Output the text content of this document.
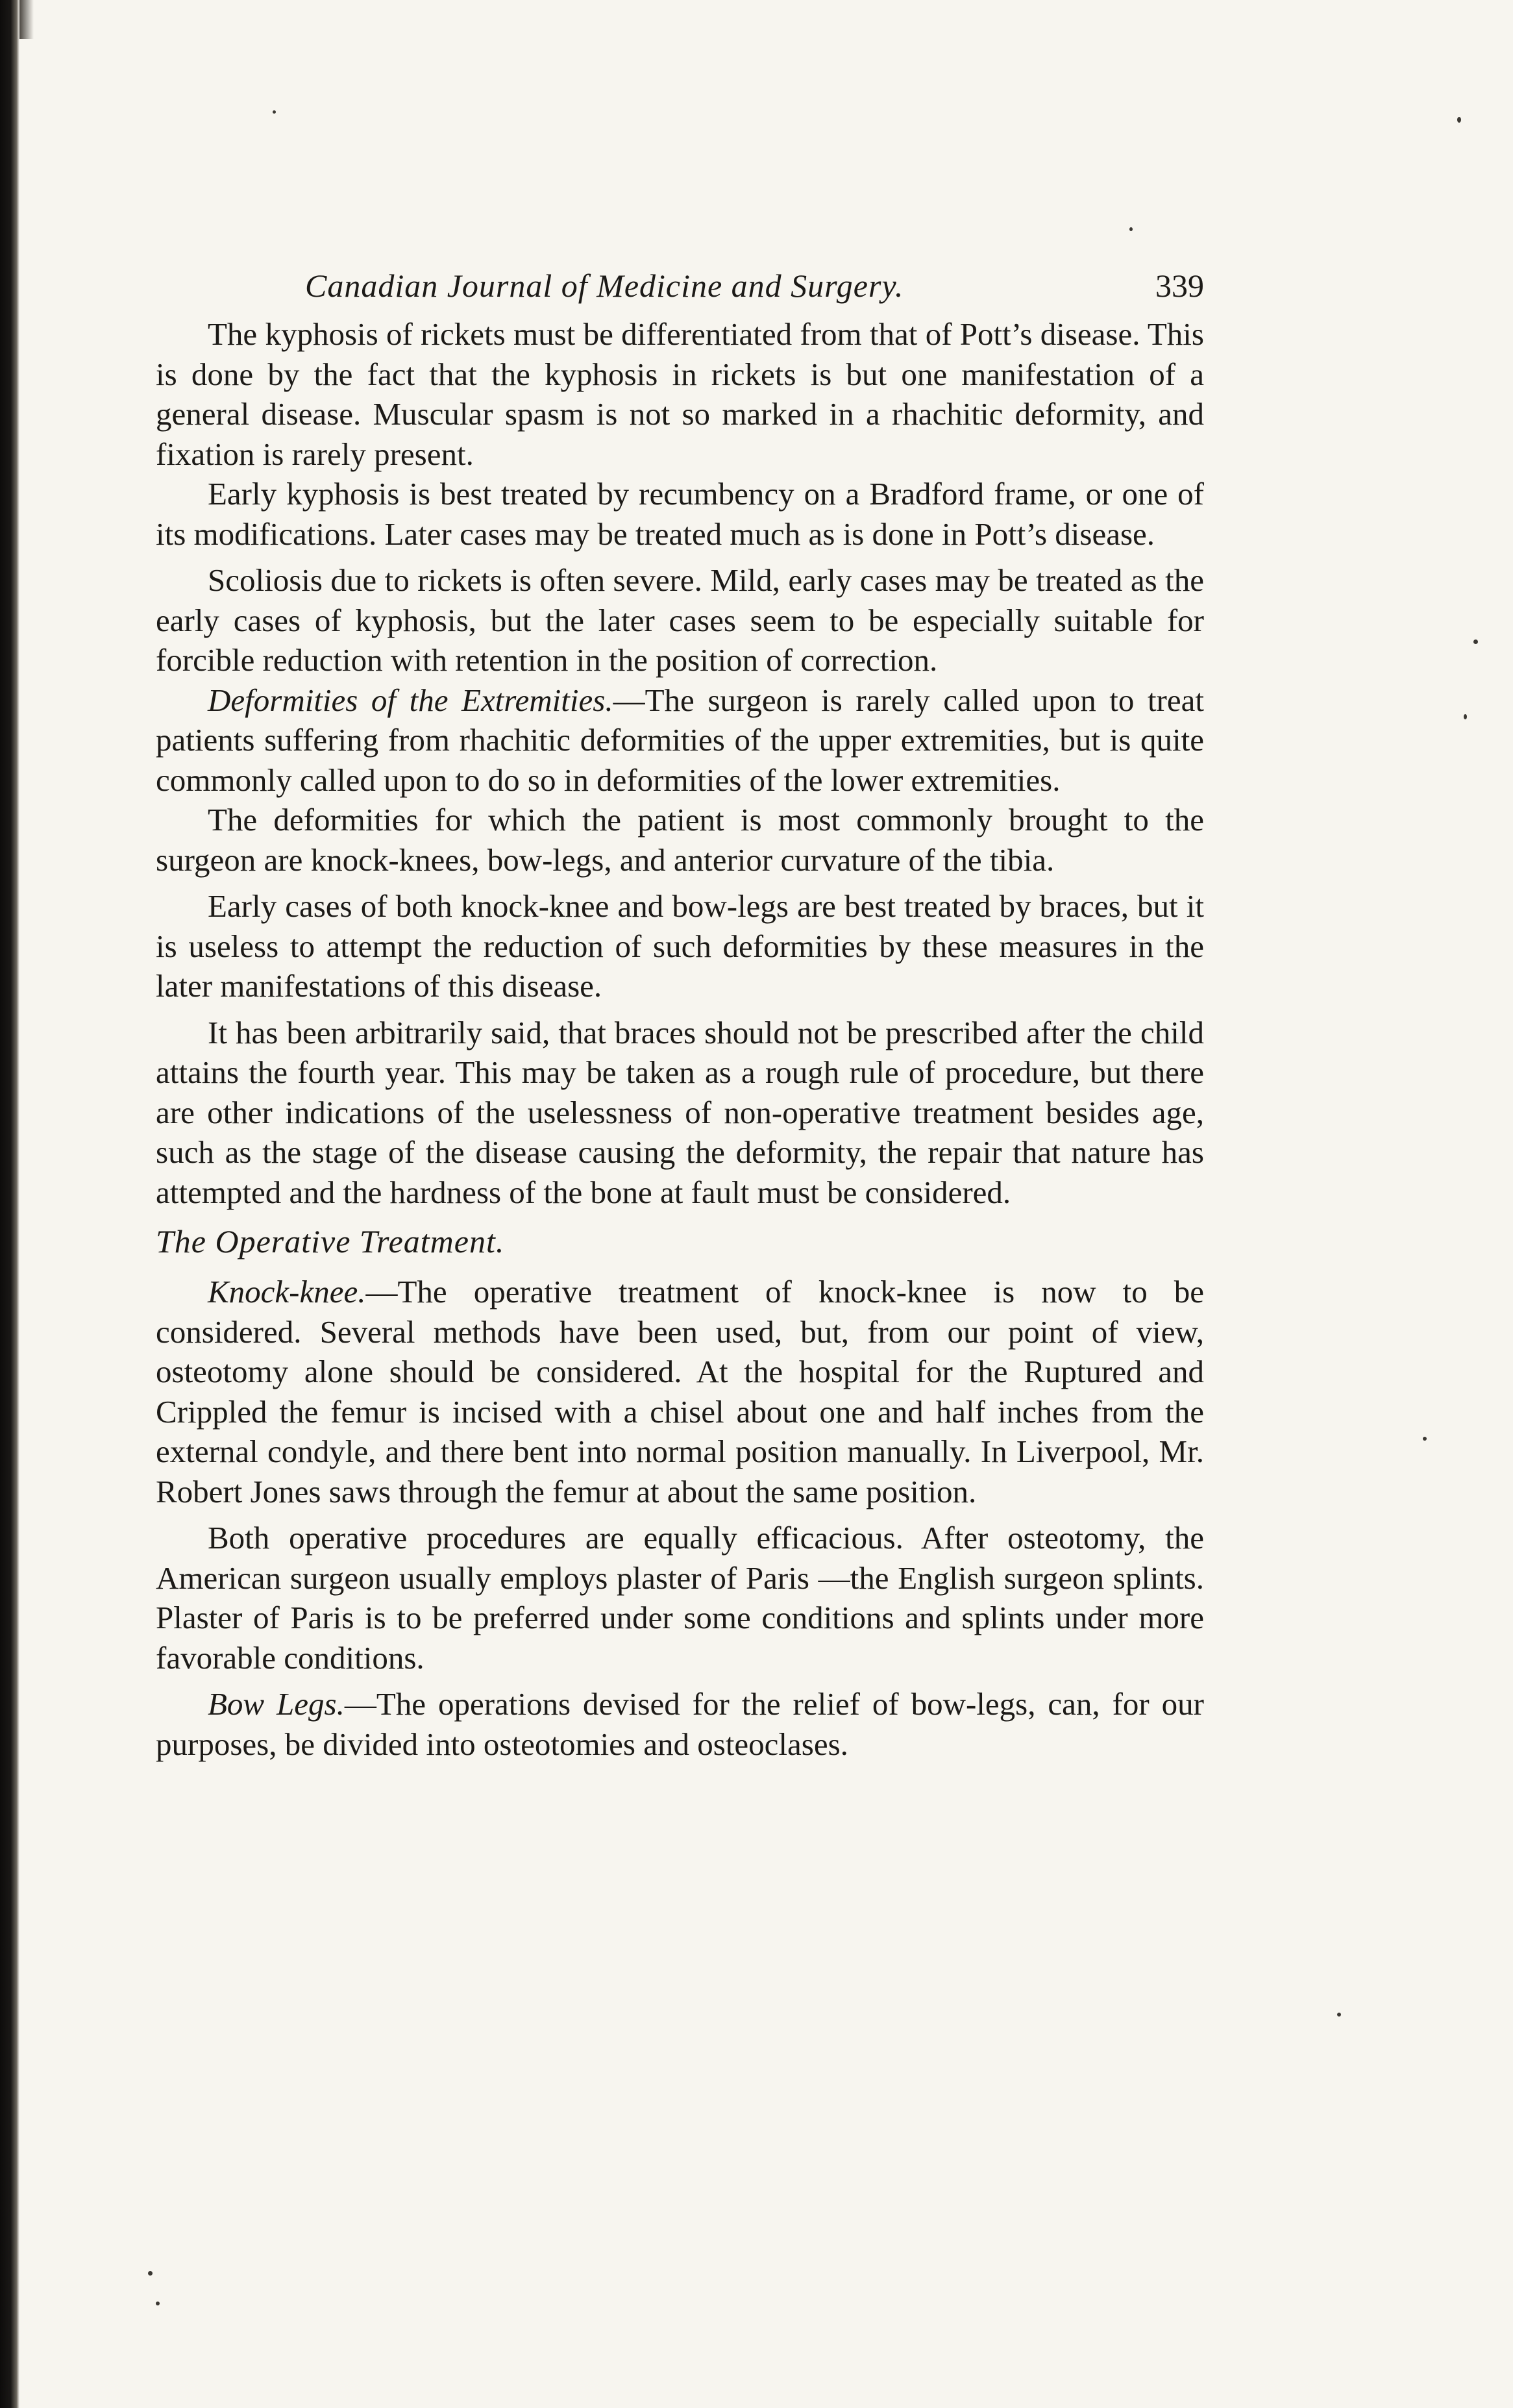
Canadian Journal of Medicine and Surgery.	339

The kyphosis of rickets must be differentiated from that of Pott’s disease. This is done by the fact that the kyphosis in rickets is but one manifestation of a general disease. Muscular spasm is not so marked in a rhachitic deformity, and fixation is rarely present.

Early kyphosis is best treated by recumbency on a Bradford frame, or one of its modifications. Later cases may be treated much as is done in Pott’s disease.

Scoliosis due to rickets is often severe. Mild, early cases may be treated as the early cases of kyphosis, but the later cases seem to be especially suitable for forcible reduction with retention in the position of correction.

Deformities of the Extremities.—The surgeon is rarely called upon to treat patients suffering from rhachitic deformities of the upper extremities, but is quite commonly called upon to do so in deformities of the lower extremities.

The deformities for which the patient is most commonly brought to the surgeon are knock-knees, bow-legs, and anterior curvature of the tibia.

Early cases of both knock-knee and bow-legs are best treated by braces, but it is useless to attempt the reduction of such deformities by these measures in the later manifestations of this disease.

It has been arbitrarily said, that braces should not be prescribed after the child attains the fourth year. This may be taken as a rough rule of procedure, but there are other indications of the uselessness of non-operative treatment besides age, such as the stage of the disease causing the deformity, the repair that nature has attempted and the hardness of the bone at fault must be considered.

The Operative Treatment.

Knock-knee.—The operative treatment of knock-knee is now to be considered. Several methods have been used, but, from our point of view, osteotomy alone should be considered. At the hospital for the Ruptured and Crippled the femur is incised with a chisel about one and half inches from the external condyle, and there bent into normal position manually. In Liverpool, Mr. Robert Jones saws through the femur at about the same position.

Both operative procedures are equally efficacious. After osteotomy, the American surgeon usually employs plaster of Paris —the English surgeon splints. Plaster of Paris is to be preferred under some conditions and splints under more favorable conditions.

Bow Legs.—The operations devised for the relief of bow-legs, can, for our purposes, be divided into osteotomies and osteoclases.
